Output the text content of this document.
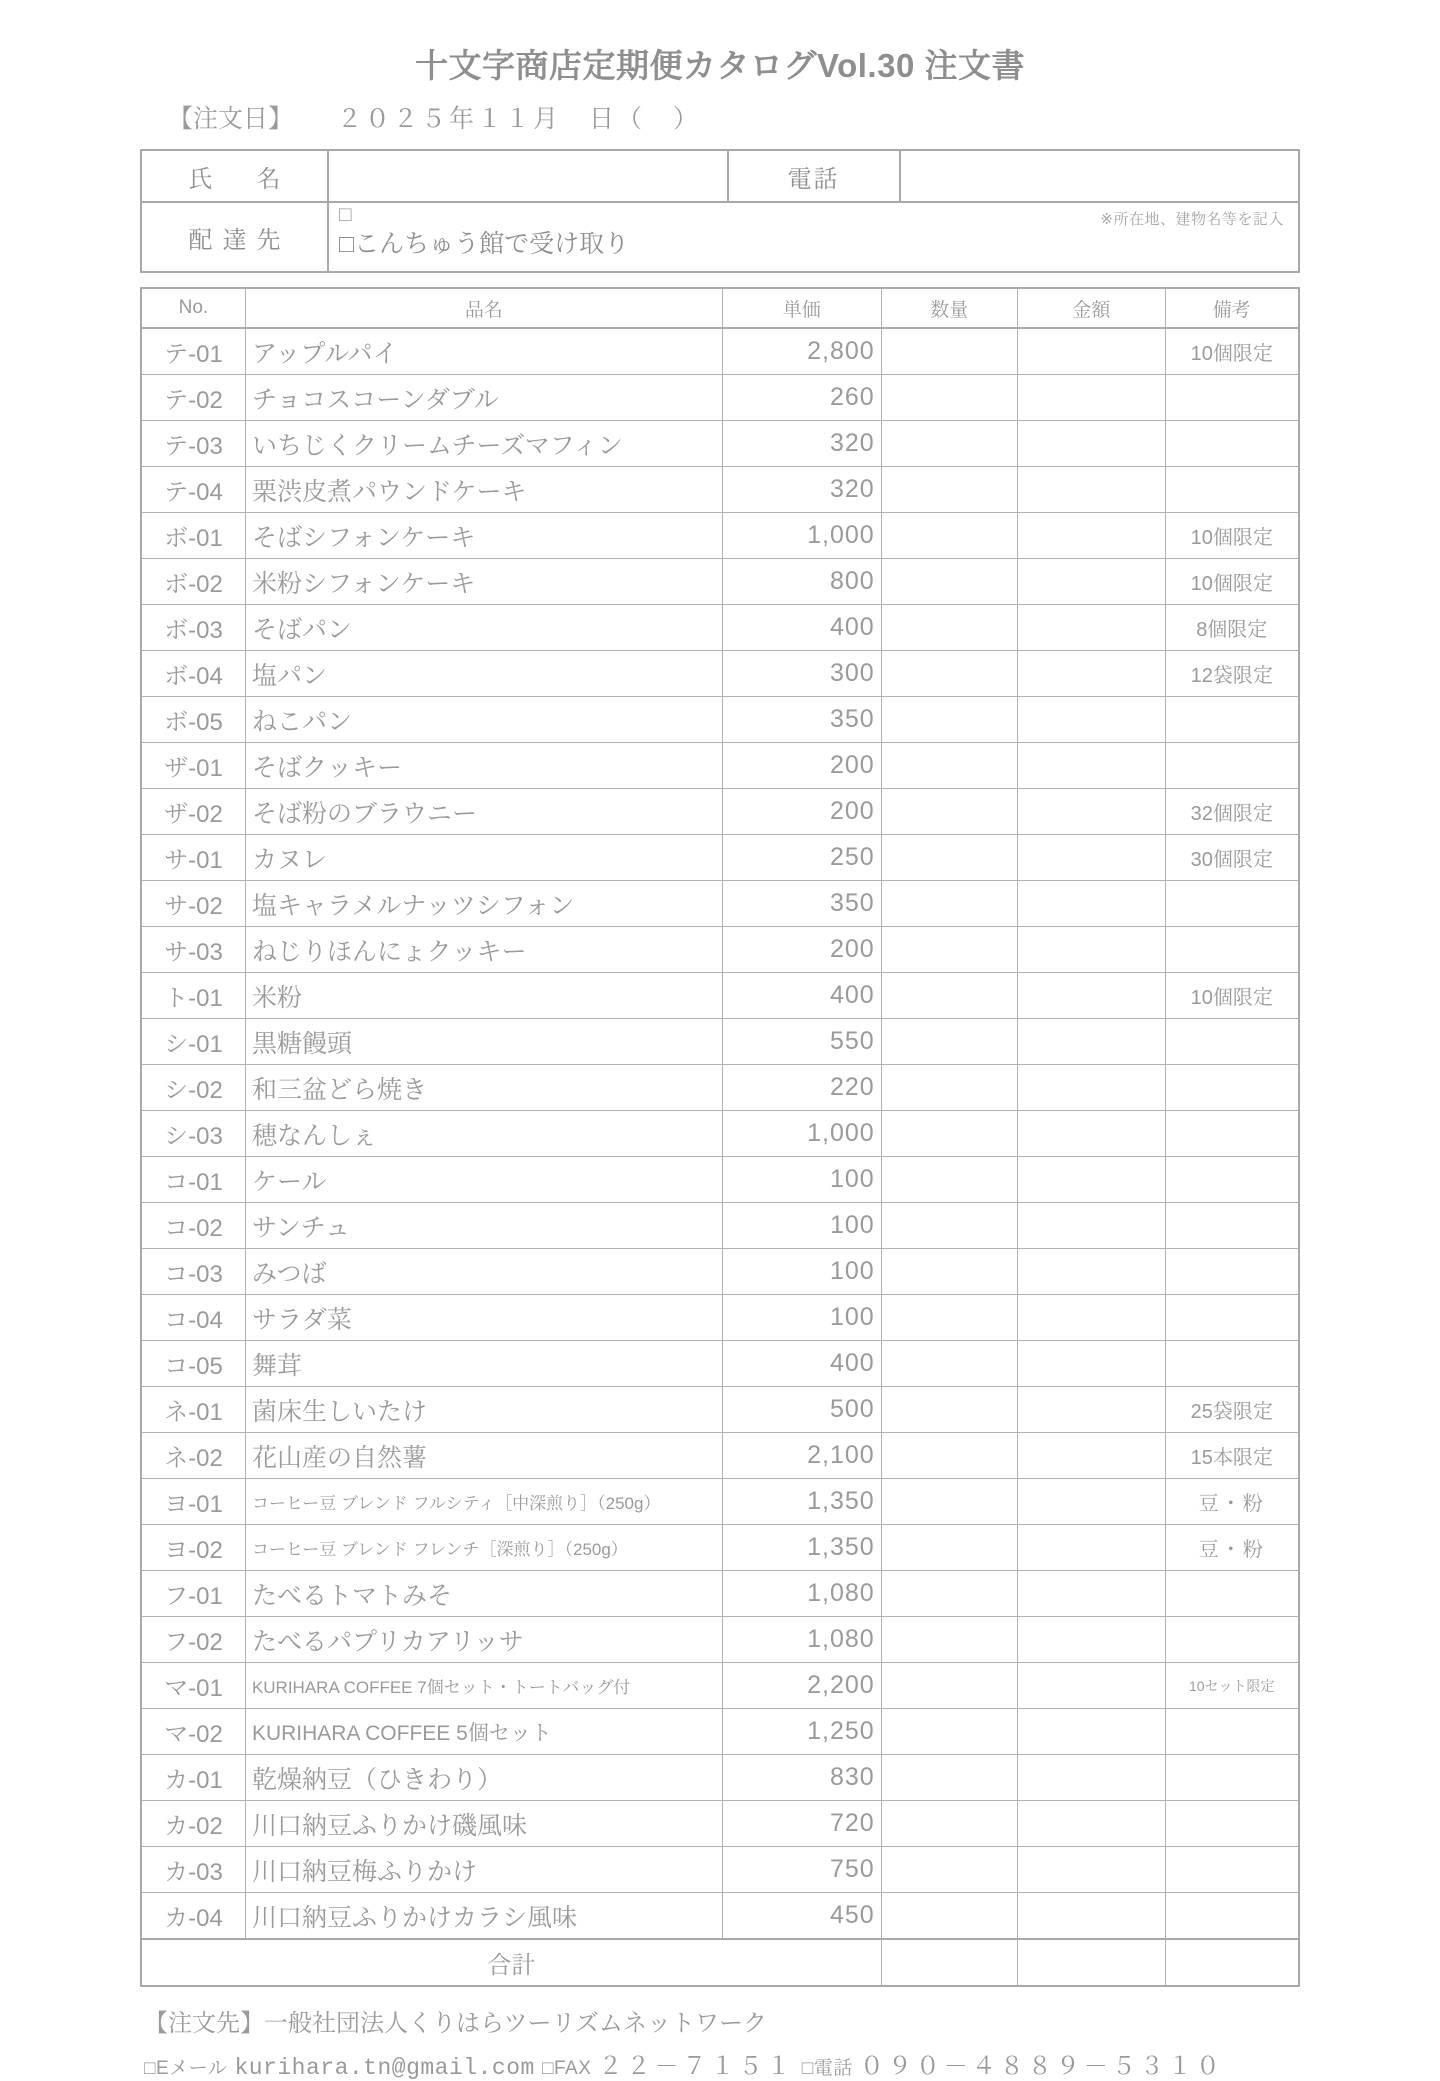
十文字商店定期便カタログVol.30 注文書
【注文日】 ２０２５年１１月　日（　）
氏　名		電話	
配達先	□
□こんちゅう館で受け取り
※所在地、建物名等を記入		
No.	品名	単価	数量	金額	備考
テ-01	アップルパイ	2,800			10個限定
テ-02	チョコスコーンダブル	260			
テ-03	いちじくクリームチーズマフィン	320			
テ-04	栗渋皮煮パウンドケーキ	320			
ボ-01	そばシフォンケーキ	1,000			10個限定
ボ-02	米粉シフォンケーキ	800			10個限定
ボ-03	そばパン	400			8個限定
ボ-04	塩パン	300			12袋限定
ボ-05	ねこパン	350			
ザ-01	そばクッキー	200			
ザ-02	そば粉のブラウニー	200			32個限定
サ-01	カヌレ	250			30個限定
サ-02	塩キャラメルナッツシフォン	350			
サ-03	ねじりほんにょクッキー	200			
ト-01	米粉	400			10個限定
シ-01	黒糖饅頭	550			
シ-02	和三盆どら焼き	220			
シ-03	穂なんしぇ	1,000			
コ-01	ケール	100			
コ-02	サンチュ	100			
コ-03	みつば	100			
コ-04	サラダ菜	100			
コ-05	舞茸	400			
ネ-01	菌床生しいたけ	500			25袋限定
ネ-02	花山産の自然薯	2,100			15本限定
ヨ-01	コーヒー豆 ブレンド フルシティ［中深煎り］（250g）	1,350			豆・粉
ヨ-02	コーヒー豆 ブレンド フレンチ［深煎り］（250g）	1,350			豆・粉
フ-01	たべるトマトみそ	1,080			
フ-02	たべるパプリカアリッサ	1,080			
マ-01	KURIHARA COFFEE 7個セット・トートバッグ付	2,200			10セット限定
マ-02	KURIHARA COFFEE 5個セット	1,250			
カ-01	乾燥納豆（ひきわり）	830			
カ-02	川口納豆ふりかけ磯風味	720			
カ-03	川口納豆梅ふりかけ	750			
カ-04	川口納豆ふりかけカラシ風味	450			
合計					
【注文先】一般社団法人くりはらツーリズムネットワーク
□Eメール kurihara.tn@gmail.com □FAX ２２－７１５１ □電話 ０９０－４８８９－５３１０
